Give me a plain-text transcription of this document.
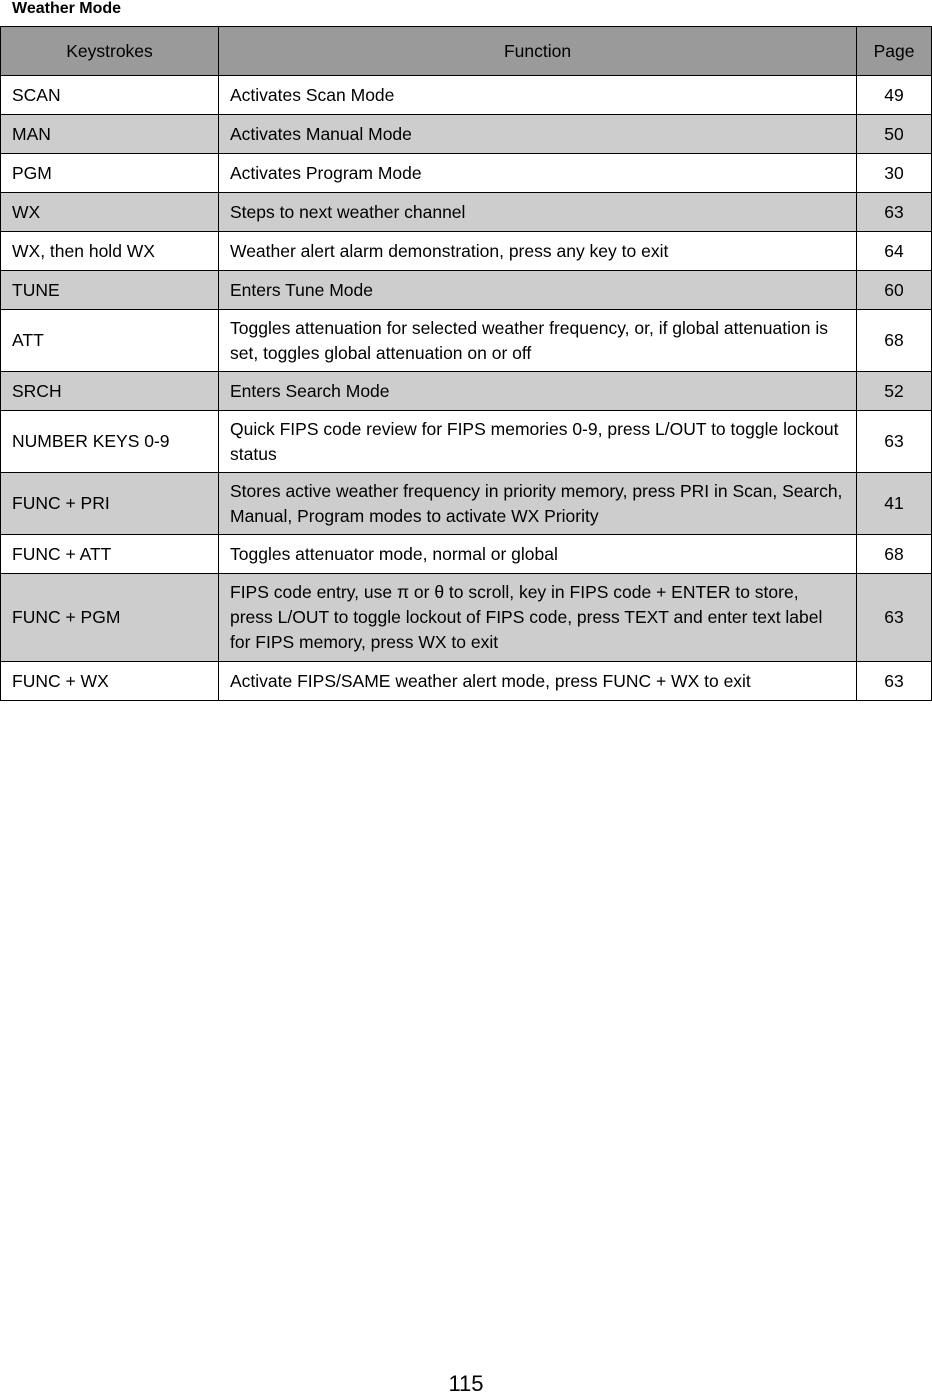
Weather Mode
Keystrokes	Function	Page
SCAN	Activates Scan Mode	49
MAN	Activates Manual Mode	50
PGM	Activates Program Mode	30
WX	Steps to next weather channel	63
WX, then hold WX	Weather alert alarm demonstration, press any key to exit	64
TUNE	Enters Tune Mode	60
ATT	Toggles attenuation for selected weather frequency, or, if global attenuation is set, toggles global attenuation on or off	68
SRCH	Enters Search Mode	52
NUMBER KEYS 0-9	Quick FIPS code review for FIPS memories 0-9, press L/OUT to toggle lockout status	63
FUNC + PRI	Stores active weather frequency in priority memory, press PRI in Scan, Search, Manual, Program modes to activate WX Priority	41
FUNC + ATT	Toggles attenuator mode, normal or global	68
FUNC + PGM	FIPS code entry, use π or θ to scroll, key in FIPS code + ENTER to store, press L/OUT to toggle lockout of FIPS code, press TEXT and enter text label for FIPS memory, press WX to exit	63
FUNC + WX	Activate FIPS/SAME weather alert mode, press FUNC + WX to exit	63
115
